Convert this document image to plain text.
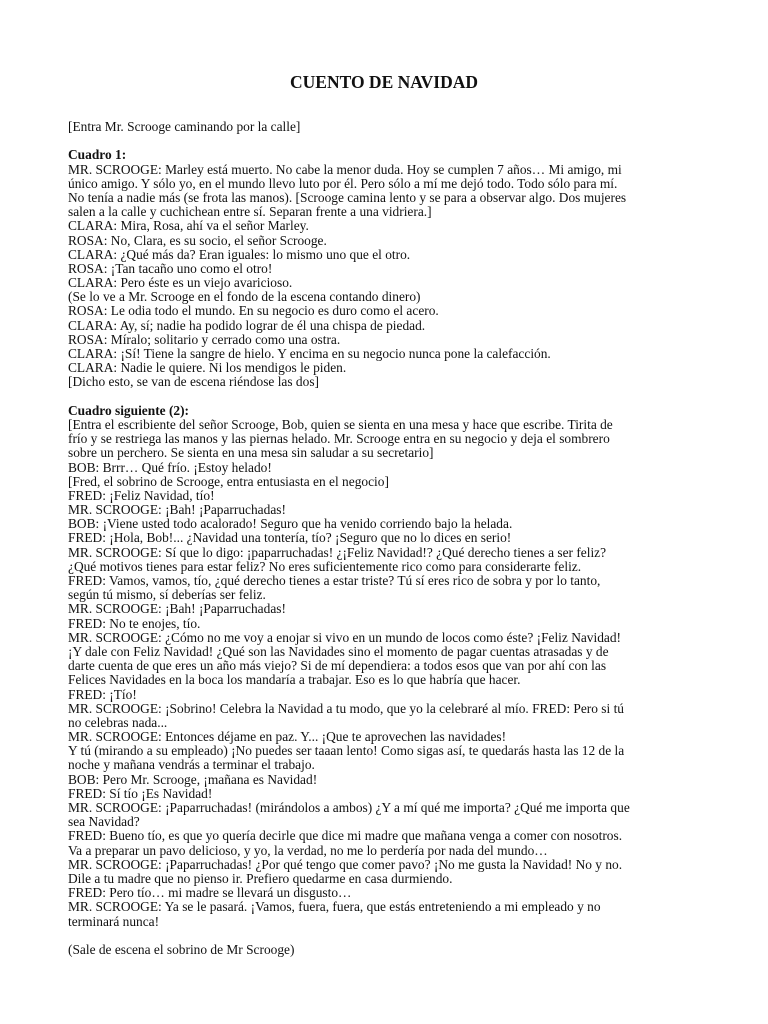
CUENTO DE NAVIDAD
[Entra Mr. Scrooge caminando por la calle]
Cuadro 1:
MR. SCROOGE: Marley está muerto. No cabe la menor duda. Hoy se cumplen 7 años… Mi amigo, mi
único amigo. Y sólo yo, en el mundo llevo luto por él. Pero sólo a mí me dejó todo. Todo sólo para mí.
No tenía a nadie más (se frota las manos). [Scrooge camina lento y se para a observar algo. Dos mujeres
salen a la calle y cuchichean entre sí. Separan frente a una vidriera.]
CLARA: Mira, Rosa, ahí va el señor Marley.
ROSA: No, Clara, es su socio, el señor Scrooge.
CLARA: ¿Qué más da? Eran iguales: lo mismo uno que el otro.
ROSA: ¡Tan tacaño uno como el otro!
CLARA: Pero éste es un viejo avaricioso.
(Se lo ve a Mr. Scrooge en el fondo de la escena contando dinero)
ROSA: Le odia todo el mundo. En su negocio es duro como el acero.
CLARA: Ay, sí; nadie ha podido lograr de él una chispa de piedad.
ROSA: Míralo; solitario y cerrado como una ostra.
CLARA: ¡Sí! Tiene la sangre de hielo. Y encima en su negocio nunca pone la calefacción.
CLARA: Nadie le quiere. Ni los mendigos le piden.
[Dicho esto, se van de escena riéndose las dos]
Cuadro siguiente (2):
[Entra el escribiente del señor Scrooge, Bob, quien se sienta en una mesa y hace que escribe. Tirita de
frío y se restriega las manos y las piernas helado. Mr. Scrooge entra en su negocio y deja el sombrero
sobre un perchero. Se sienta en una mesa sin saludar a su secretario]
BOB: Brrr… Qué frío. ¡Estoy helado!
[Fred, el sobrino de Scrooge, entra entusiasta en el negocio]
FRED: ¡Feliz Navidad, tío!
MR. SCROOGE: ¡Bah! ¡Paparruchadas!
BOB: ¡Viene usted todo acalorado! Seguro que ha venido corriendo bajo la helada.
FRED: ¡Hola, Bob!... ¿Navidad una tontería, tío? ¡Seguro que no lo dices en serio!
MR. SCROOGE: Sí que lo digo: ¡paparruchadas! ¿¡Feliz Navidad!? ¿Qué derecho tienes a ser feliz?
¿Qué motivos tienes para estar feliz? No eres suficientemente rico como para considerarte feliz.
FRED: Vamos, vamos, tío, ¿qué derecho tienes a estar triste? Tú sí eres rico de sobra y por lo tanto,
según tú mismo, sí deberías ser feliz.
MR. SCROOGE: ¡Bah! ¡Paparruchadas!
FRED: No te enojes, tío.
MR. SCROOGE: ¿Cómo no me voy a enojar si vivo en un mundo de locos como éste? ¡Feliz Navidad!
¡Y dale con Feliz Navidad! ¿Qué son las Navidades sino el momento de pagar cuentas atrasadas y de
darte cuenta de que eres un año más viejo? Si de mí dependiera: a todos esos que van por ahí con las
Felices Navidades en la boca los mandaría a trabajar. Eso es lo que habría que hacer.
FRED: ¡Tío!
MR. SCROOGE: ¡Sobrino! Celebra la Navidad a tu modo, que yo la celebraré al mío. FRED: Pero si tú
no celebras nada...
MR. SCROOGE: Entonces déjame en paz. Y... ¡Que te aprovechen las navidades!
Y tú (mirando a su empleado) ¡No puedes ser taaan lento! Como sigas así, te quedarás hasta las 12 de la
noche y mañana vendrás a terminar el trabajo.
BOB: Pero Mr. Scrooge, ¡mañana es Navidad!
FRED: Sí tío ¡Es Navidad!
MR. SCROOGE: ¡Paparruchadas! (mirándolos a ambos) ¿Y a mí qué me importa? ¿Qué me importa que
sea Navidad?
FRED: Bueno tío, es que yo quería decirle que dice mi madre que mañana venga a comer con nosotros.
Va a preparar un pavo delicioso, y yo, la verdad, no me lo perdería por nada del mundo…
MR. SCROOGE: ¡Paparruchadas! ¿Por qué tengo que comer pavo? ¡No me gusta la Navidad! No y no.
Dile a tu madre que no pienso ir. Prefiero quedarme en casa durmiendo.
FRED: Pero tío… mi madre se llevará un disgusto…
MR. SCROOGE: Ya se le pasará. ¡Vamos, fuera, fuera, que estás entreteniendo a mi empleado y no
terminará nunca!
(Sale de escena el sobrino de Mr Scrooge)
